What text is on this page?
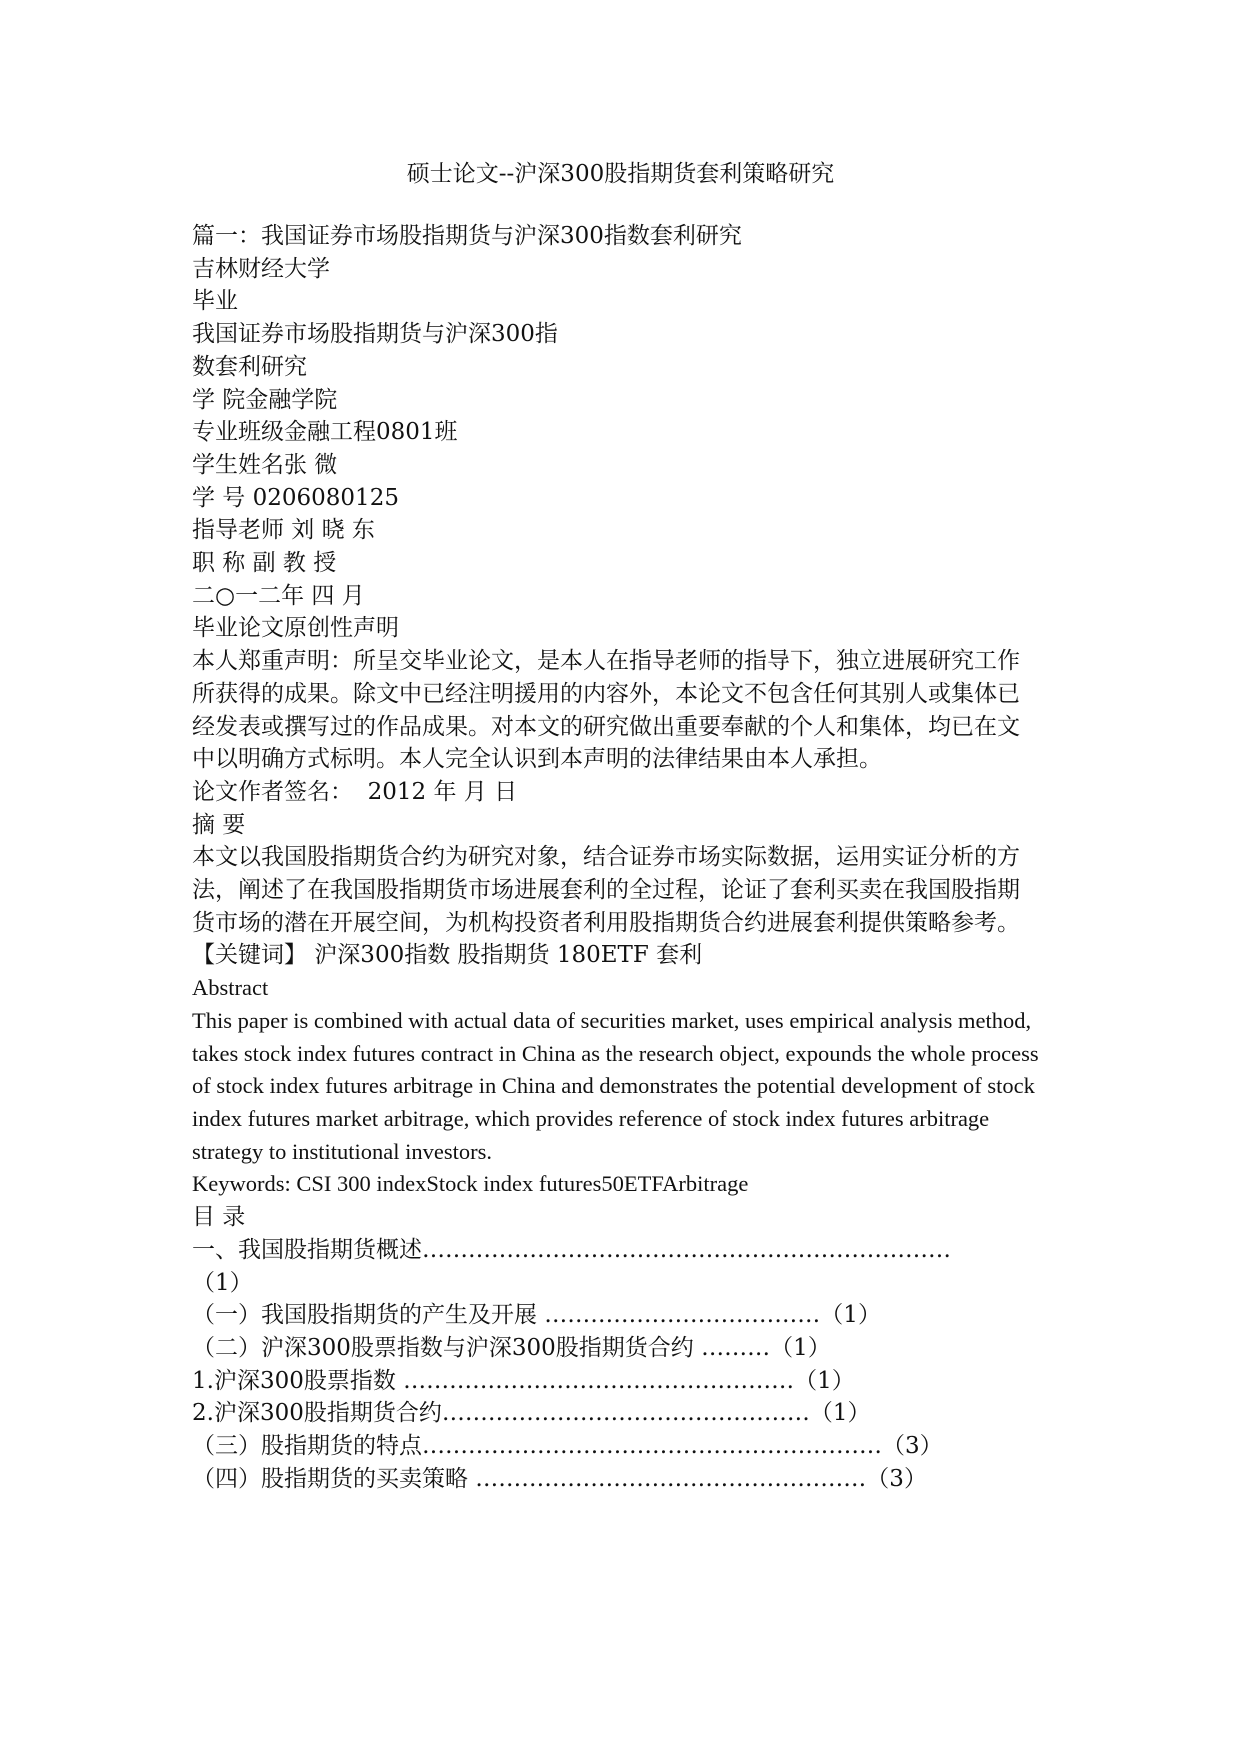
硕士论文--沪深300股指期货套利策略研究

篇一：我国证券市场股指期货与沪深300指数套利研究

吉林财经大学

毕业

我国证券市场股指期货与沪深300指

数套利研究

学 院金融学院

专业班级金融工程0801班

学生姓名张 微

学 号 0206080125

指导老师 刘 晓 东

职 称 副 教 授

二○一二年 四 月

毕业论文原创性声明

本人郑重声明：所呈交毕业论文，是本人在指导老师的指导下，独立进展研究工作所获得的成果。除文中已经注明援用的内容外，本论文不包含任何其别人或集体已经发表或撰写过的作品成果。对本文的研究做出重要奉献的个人和集体，均已在文中以明确方式标明。本人完全认识到本声明的法律结果由本人承担。

论文作者签名：  2012 年 月 日

摘 要

本文以我国股指期货合约为研究对象，结合证券市场实际数据，运用实证分析的方法，阐述了在我国股指期货市场进展套利的全过程，论证了套利买卖在我国股指期货市场的潜在开展空间，为机构投资者利用股指期货合约进展套利提供策略参考。

【关键词】 沪深300指数 股指期货 180ETF 套利

Abstract

This paper is combined with actual data of securities market, uses empirical analysis method, takes stock index futures contract in China as the research object, expounds the whole process of stock index futures arbitrage in China and demonstrates the potential development of stock index futures market arbitrage, which provides reference of stock index futures arbitrage strategy to institutional investors.

Keywords: CSI 300 indexStock index futures50ETFArbitrage

目 录

一、我国股指期货概述……………………………………………………………

（1）

（一）我国股指期货的产生及开展 ………………………………（1）

（二）沪深300股票指数与沪深300股指期货合约 ………（1）

1.沪深300股票指数 ……………………………………………（1）

2.沪深300股指期货合约…………………………………………（1）

（三）股指期货的特点……………………………………………………（3）

（四）股指期货的买卖策略 ……………………………………………（3）
